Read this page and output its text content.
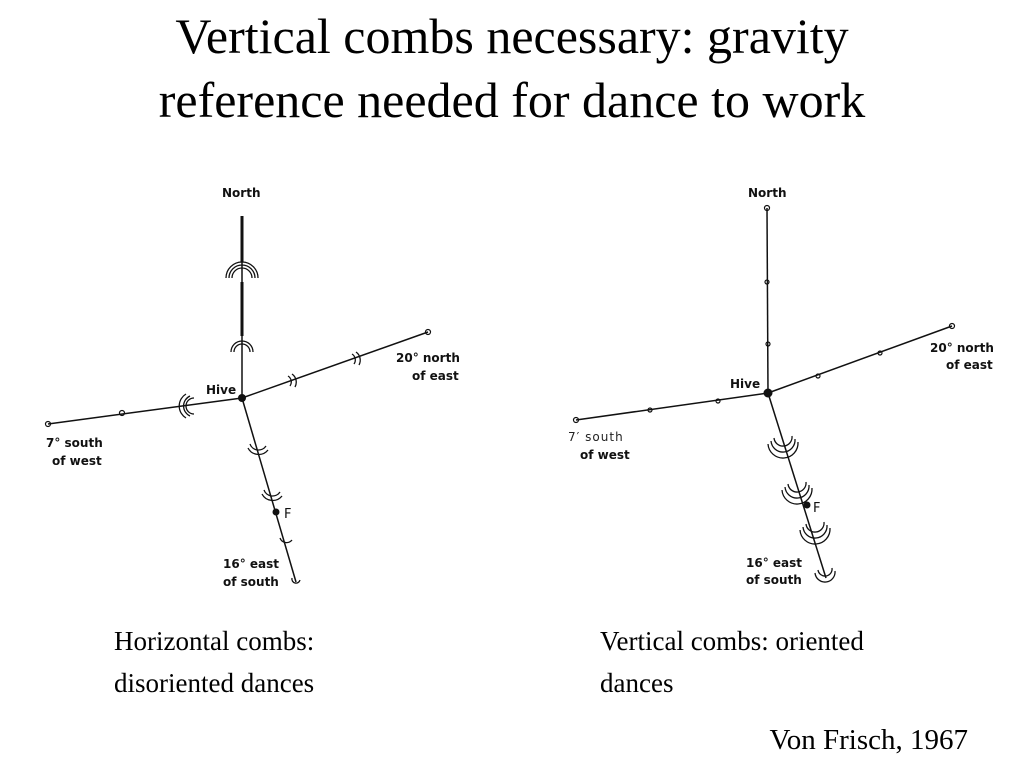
Vertical combs necessary: gravity
reference needed for dance to work
North
Hive
20° north
of east
7° south
of west
16° east
of south
F
North
Hive
20° north
of east
7′ south
of west
16° east
of south
F
Horizontal combs:
disoriented dances
Vertical combs: oriented
dances
Von Frisch, 1967
